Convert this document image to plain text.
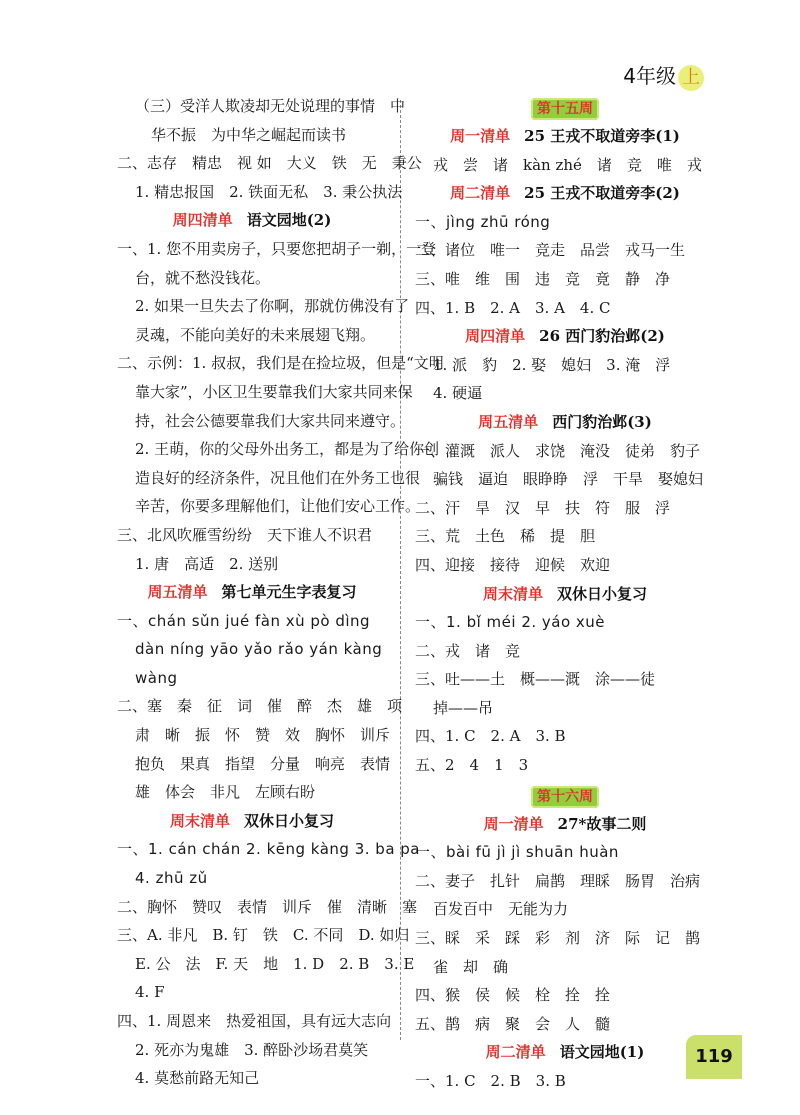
4年级 上
（三）受洋人欺凌却无处说理的事情　中
华不振　为中华之崛起而读书
二、志存　精忠　视 如　大义　铁　无　秉公
1. 精忠报国　2. 铁面无私　3. 秉公执法
周四清单 语文园地(2)
一、1. 您不用卖房子，只要您把胡子一剃，一登
台，就不愁没钱花。
2. 如果一旦失去了你啊，那就仿佛没有了
灵魂，不能向美好的未来展翅飞翔。
二、示例：1. 叔叔，我们是在捡垃圾，但是“文明
靠大家”，小区卫生要靠我们大家共同来保
持，社会公德要靠我们大家共同来遵守。
2. 王萌，你的父母外出务工，都是为了给你创
造良好的经济条件，况且他们在外务工也很
辛苦，你要多理解他们，让他们安心工作。
三、北风吹雁雪纷纷　天下谁人不识君
1. 唐　高适　2. 送别
周五清单 第七单元生字表复习
一、chán sǔn jué fàn xù pò dìng
dàn níng yāo yǎo rǎo yán kàng
wàng
二、塞　秦　征　词　催　醉　杰　雄　项
肃　晰　振　怀　赞　效　胸怀　训斥
抱负　果真　指望　分量　响亮　表情
雄　体会　非凡　左顾右盼
周末清单 双休日小复习
一、1. cán chán 2. kēng kàng 3. ba pa
4. zhū zǔ
二、胸怀　赞叹　表情　训斥　催　清晰　塞
三、A. 非凡　B. 钉　铁　C. 不同　D. 如归
E. 公　法　F. 天　地　1. D　2. B　3. E
4. F
四、1. 周恩来　热爱祖国，具有远大志向
2. 死亦为鬼雄　3. 醉卧沙场君莫笑
4. 莫愁前路无知己
第十五周
周一清单 25 王戎不取道旁李(1)
戎　尝　诸　kàn zhé　诸　竞　唯　戎
周二清单 25 王戎不取道旁李(2)
一、jìng zhū róng
二、诸位　唯一　竞走　品尝　戎马一生
三、唯　维　围　违　竞　竟　静　净
四、1. B　2. A　3. A　4. C
周四清单 26 西门豹治邺(2)
1. 派　豹　2. 娶　媳妇　3. 淹　浮
4. 硬逼
周五清单 西门豹治邺(3)
一、灌溉　派人　求饶　淹没　徒弟　豹子
骗钱　逼迫　眼睁睁　浮　干旱　娶媳妇
二、汗　旱　汉　早　扶　符　服　浮
三、荒　土色　稀　提　胆
四、迎接　接待　迎候　欢迎
周末清单 双休日小复习
一、1. bǐ méi 2. yáo xuè
二、戎　诸　竞
三、吐——土　概——溉　涂——徒
掉——吊
四、1. C　2. A　3. B
五、2　4　1　3
第十六周
周一清单 27*故事二则
一、bài fū jì jì shuān huàn
二、妻子　扎针　扁鹊　理睬　肠胃　治病
百发百中　无能为力
三、睬　采　踩　彩　剂　济　际　记　鹊
雀　却　确
四、猴　侯　候　栓　拴　拴
五、鹊　病　聚　会　人　髓
周二清单 语文园地(1)
一、1. C　2. B　3. B
119
